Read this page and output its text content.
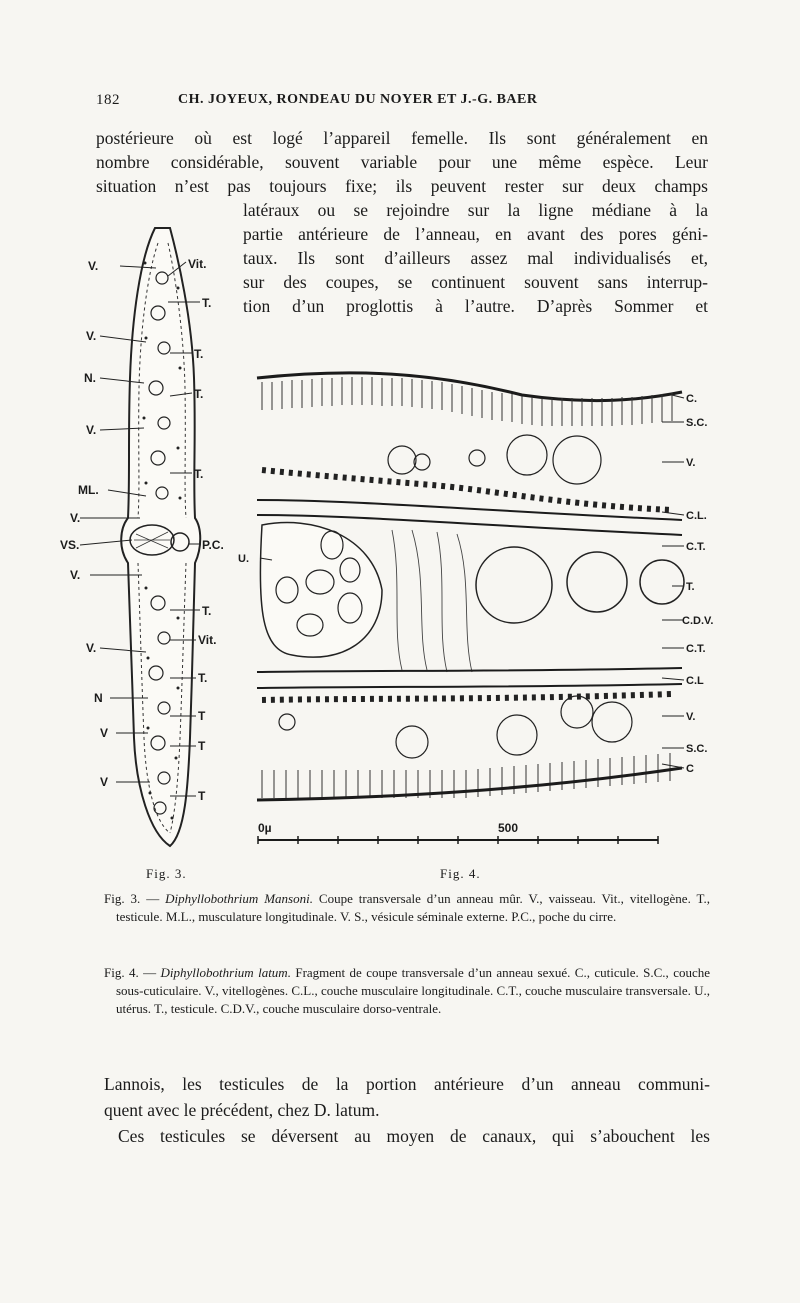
182	CH. JOYEUX, RONDEAU DU NOYER ET J.-G. BAER
postérieure où est logé l’appareil femelle. Ils sont généralement en
nombre considérable, souvent variable pour une même espèce. Leur
situation n’est pas toujours fixe; ils peuvent rester sur deux champs
latéraux ou se rejoindre sur la ligne médiane à la
partie antérieure de l’anneau, en avant des pores géni-
taux. Ils sont d’ailleurs assez mal individualisés et,
sur des coupes, se continuent souvent sans interrup-
tion d’un proglottis à l’autre. D’après Sommer et
V.	Vit.
T.
V.
T.
N.
T.
V.
T.
ML.
V.
VS.	P.C.
V.
T.
Vit.
V.
T.
N
T
V
T
V
T
C.
S.C.
V.
C.L.
C.T.
U.
T.
C.D.V.
C.T.
C.L
V.
S.C.
C
0µ	500
Fig. 3.	Fig. 4.

Fig. 3. — Diphyllobothrium Mansoni. Coupe transversale d’un anneau mûr. V., vaisseau. Vit., vitellogène. T., testicule. M.L., musculature longitudinale. V. S., vésicule séminale externe. P.C., poche du cirre.

Fig. 4. — Diphyllobothrium latum. Fragment de coupe transversale d’un anneau sexué. C., cuticule. S.C., couche sous-cuticulaire. V., vitellogènes. C.L., couche musculaire longitudinale. C.T., couche musculaire transversale. U., utérus. T., testicule. C.D.V., couche musculaire dorso-ventrale.

Lannois, les testicules de la portion antérieure d’un anneau communi-
quent avec le précédent, chez D. latum.
Ces testicules se déversent au moyen de canaux, qui s’abouchent les
